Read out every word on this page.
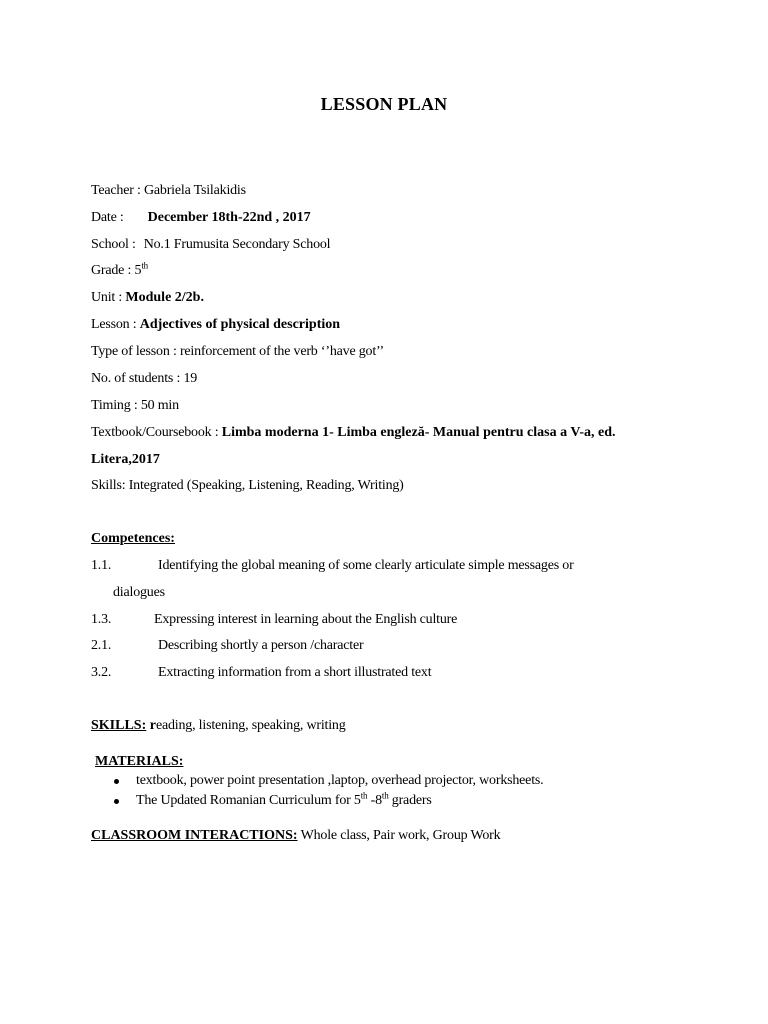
LESSON PLAN
Teacher : Gabriela Tsilakidis
Date : December 18th-22nd , 2017
School : No.1 Frumusita Secondary School
Grade : 5th
Unit : Module 2/2b.
Lesson : Adjectives of physical description
Type of lesson : reinforcement of the verb ‘’have got’’
No. of students : 19
Timing : 50 min
Textbook/Coursebook : Limba moderna 1- Limba engleză- Manual pentru clasa a V-a, ed.
Litera,2017
Skills: Integrated (Speaking, Listening, Reading, Writing)
Competences:
1.1.	Identifying the global meaning of some clearly articulate simple messages or
dialogues
1.3.	Expressing interest in learning about the English culture
2.1.	Describing shortly a person /character
3.2.	Extracting information from a short illustrated text
SKILLS: reading, listening, speaking, writing
MATERIALS:
textbook, power point presentation ,laptop, overhead projector, worksheets.
The Updated Romanian Curriculum for 5th -8th graders
CLASSROOM INTERACTIONS: Whole class, Pair work, Group Work
